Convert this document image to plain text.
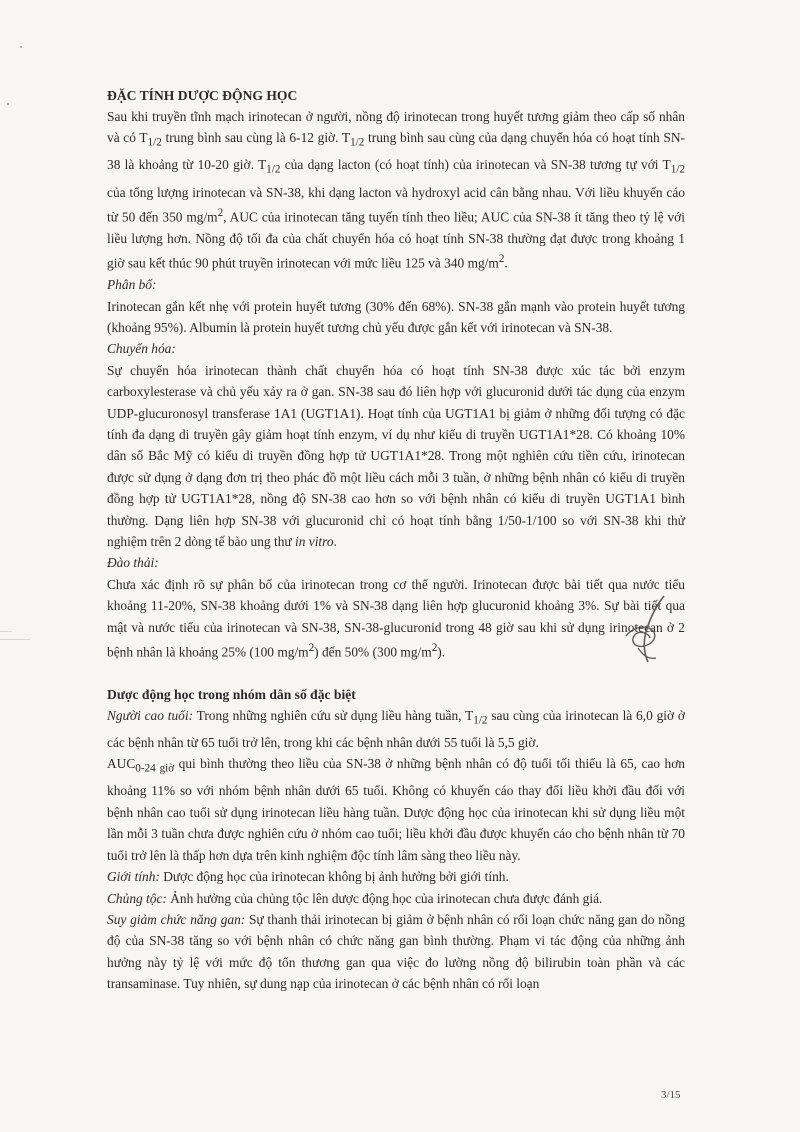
ĐẶC TÍNH DƯỢC ĐỘNG HỌC

Sau khi truyền tĩnh mạch irinotecan ở người, nồng độ irinotecan trong huyết tương giảm theo cấp số nhân và có $T_{1/2}$ trung bình sau cùng là 6-12 giờ. $T_{1/2}$ trung bình sau cùng của dạng chuyển hóa có hoạt tính SN-38 là khoảng từ 10-20 giờ. $T_{1/2}$ của dạng lacton (có hoạt tính) của irinotecan và SN-38 tương tự với $T_{1/2}$ của tổng lượng irinotecan và SN-38, khi dạng lacton và hydroxyl acid cân bằng nhau. Với liều khuyến cáo từ 50 đến 350 $mg/m^2$, AUC của irinotecan tăng tuyến tính theo liều; AUC của SN-38 ít tăng theo tỷ lệ với liều lượng hơn. Nồng độ tối đa của chất chuyển hóa có hoạt tính SN-38 thường đạt được trong khoảng 1 giờ sau kết thúc 90 phút truyền irinotecan với mức liều 125 và 340 $mg/m^2$.

Phân bố:

Irinotecan gắn kết nhẹ với protein huyết tương (30% đến 68%). SN-38 gắn mạnh vào protein huyết tương (khoảng 95%). Albumin là protein huyết tương chủ yếu được gắn kết với irinotecan và SN-38.

Chuyển hóa:

Sự chuyển hóa irinotecan thành chất chuyển hóa có hoạt tính SN-38 được xúc tác bởi enzym carboxylesterase và chủ yếu xảy ra ở gan. SN-38 sau đó liên hợp với glucuronid dưới tác dụng của enzym UDP-glucuronosyl transferase 1A1 (UGT1A1). Hoạt tính của UGT1A1 bị giảm ở những đối tượng có đặc tính đa dạng di truyền gây giảm hoạt tính enzym, ví dụ như kiểu di truyền UGT1A1*28. Có khoảng 10% dân số Bắc Mỹ có kiểu di truyền đồng hợp tử UGT1A1*28. Trong một nghiên cứu tiền cứu, irinotecan được sử dụng ở dạng đơn trị theo phác đồ một liều cách mỗi 3 tuần, ở những bệnh nhân có kiểu di truyền đồng hợp tử UGT1A1*28, nồng độ SN-38 cao hơn so với bệnh nhân có kiểu di truyền UGT1A1 bình thường. Dạng liên hợp SN-38 với glucuronid chỉ có hoạt tính bằng 1/50-1/100 so với SN-38 khi thử nghiệm trên 2 dòng tế bào ung thư in vitro.

Đào thải:

Chưa xác định rõ sự phân bố của irinotecan trong cơ thể người. Irinotecan được bài tiết qua nước tiểu khoảng 11-20%, SN-38 khoảng dưới 1% và SN-38 dạng liên hợp glucuronid khoảng 3%. Sự bài tiết qua mật và nước tiểu của irinotecan và SN-38, SN-38-glucuronid trong 48 giờ sau khi sử dụng irinotecan ở 2 bệnh nhân là khoảng 25% (100 $mg/m^2$) đến 50% (300 $mg/m^2$).

Dược động học trong nhóm dân số đặc biệt

Người cao tuổi: Trong những nghiên cứu sử dụng liều hàng tuần, $T_{1/2}$ sau cùng của irinotecan là 6,0 giờ ở các bệnh nhân từ 65 tuổi trở lên, trong khi các bệnh nhân dưới 55 tuổi là 5,5 giờ.

$AUC_{0-24 giờ}$ qui bình thường theo liều của SN-38 ở những bệnh nhân có độ tuổi tối thiểu là 65, cao hơn khoảng 11% so với nhóm bệnh nhân dưới 65 tuổi. Không có khuyến cáo thay đổi liều khởi đầu đối với bệnh nhân cao tuổi sử dụng irinotecan liều hàng tuần. Dược động học của irinotecan khi sử dụng liều một lần mỗi 3 tuần chưa được nghiên cứu ở nhóm cao tuổi; liều khởi đầu được khuyến cáo cho bệnh nhân từ 70 tuổi trở lên là thấp hơn dựa trên kinh nghiệm độc tính lâm sàng theo liều này.

Giới tính: Dược động học của irinotecan không bị ảnh hưởng bởi giới tính.

Chủng tộc: Ảnh hưởng của chủng tộc lên dược động học của irinotecan chưa được đánh giá.

Suy giảm chức năng gan: Sự thanh thải irinotecan bị giảm ở bệnh nhân có rối loạn chức năng gan do nồng độ của SN-38 tăng so với bệnh nhân có chức năng gan bình thường. Phạm vi tác động của những ảnh hưởng này tỷ lệ với mức độ tổn thương gan qua việc đo lường nồng độ bilirubin toàn phần và các transaminase. Tuy nhiên, sự dung nạp của irinotecan ở các bệnh nhân có rối loạn

3/15
